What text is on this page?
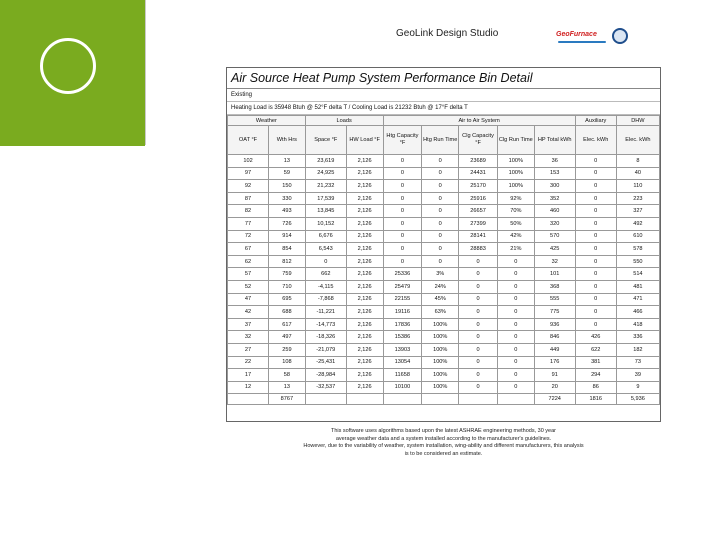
GeoLink Design Studio	GeoFurnace
Air Source Heat Pump System Performance Bin Detail
Existing
Heating Load is 35948 Btuh @ 52°F delta T / Cooling Load is 21232 Btuh @ 17°F delta T
Weather		Loads		Air to Air System					Auxiliary	DHW
OAT °F	Wth Hrs	Space °F	HW Load °F	Htg Capacity °F	Htg Run Time	Clg Capacity °F	Clg Run Time	HP Total kWh	Elec. kWh	Elec. kWh
102	13	23,619	2,126	0	0	23689	100%	36	0	8
97	59	24,925	2,126	0	0	24431	100%	153	0	40
92	150	21,232	2,126	0	0	25170	100%	300	0	110
87	330	17,539	2,126	0	0	25916	92%	352	0	223
82	493	13,845	2,126	0	0	26657	70%	460	0	327
77	726	10,152	2,126	0	0	27399	50%	320	0	492
72	914	6,676	2,126	0	0	28141	42%	570	0	610
67	854	6,543	2,126	0	0	28883	21%	425	0	578
62	812	0	2,126	0	0	0	0	32	0	550
57	759	662	2,126	25336	3%	0	0	101	0	514
52	710	-4,115	2,126	25479	24%	0	0	368	0	481
47	695	-7,868	2,126	22155	45%	0	0	555	0	471
42	688	-11,221	2,126	19116	63%	0	0	775	0	466
37	617	-14,773	2,126	17836	100%	0	0	936	0	418
32	497	-18,326	2,126	15386	100%	0	0	846	426	336
27	259	-21,079	2,126	13903	100%	0	0	449	622	182
22	108	-25,431	2,126	13054	100%	0	0	176	381	73
17	58	-28,984	2,126	11658	100%	0	0	91	294	39
12	13	-32,537	2,126	10100	100%	0	0	20	86	9
	8767							7224	1816	5,936
This software uses algorithms based upon the latest ASHRAE engineering methods, 30 year
average weather data and a system installed according to the manufacturer's guidelines.
However, due to the variability of weather, system installation, wing-ability and different manufacturers, this analysis
is to be considered an estimate.
